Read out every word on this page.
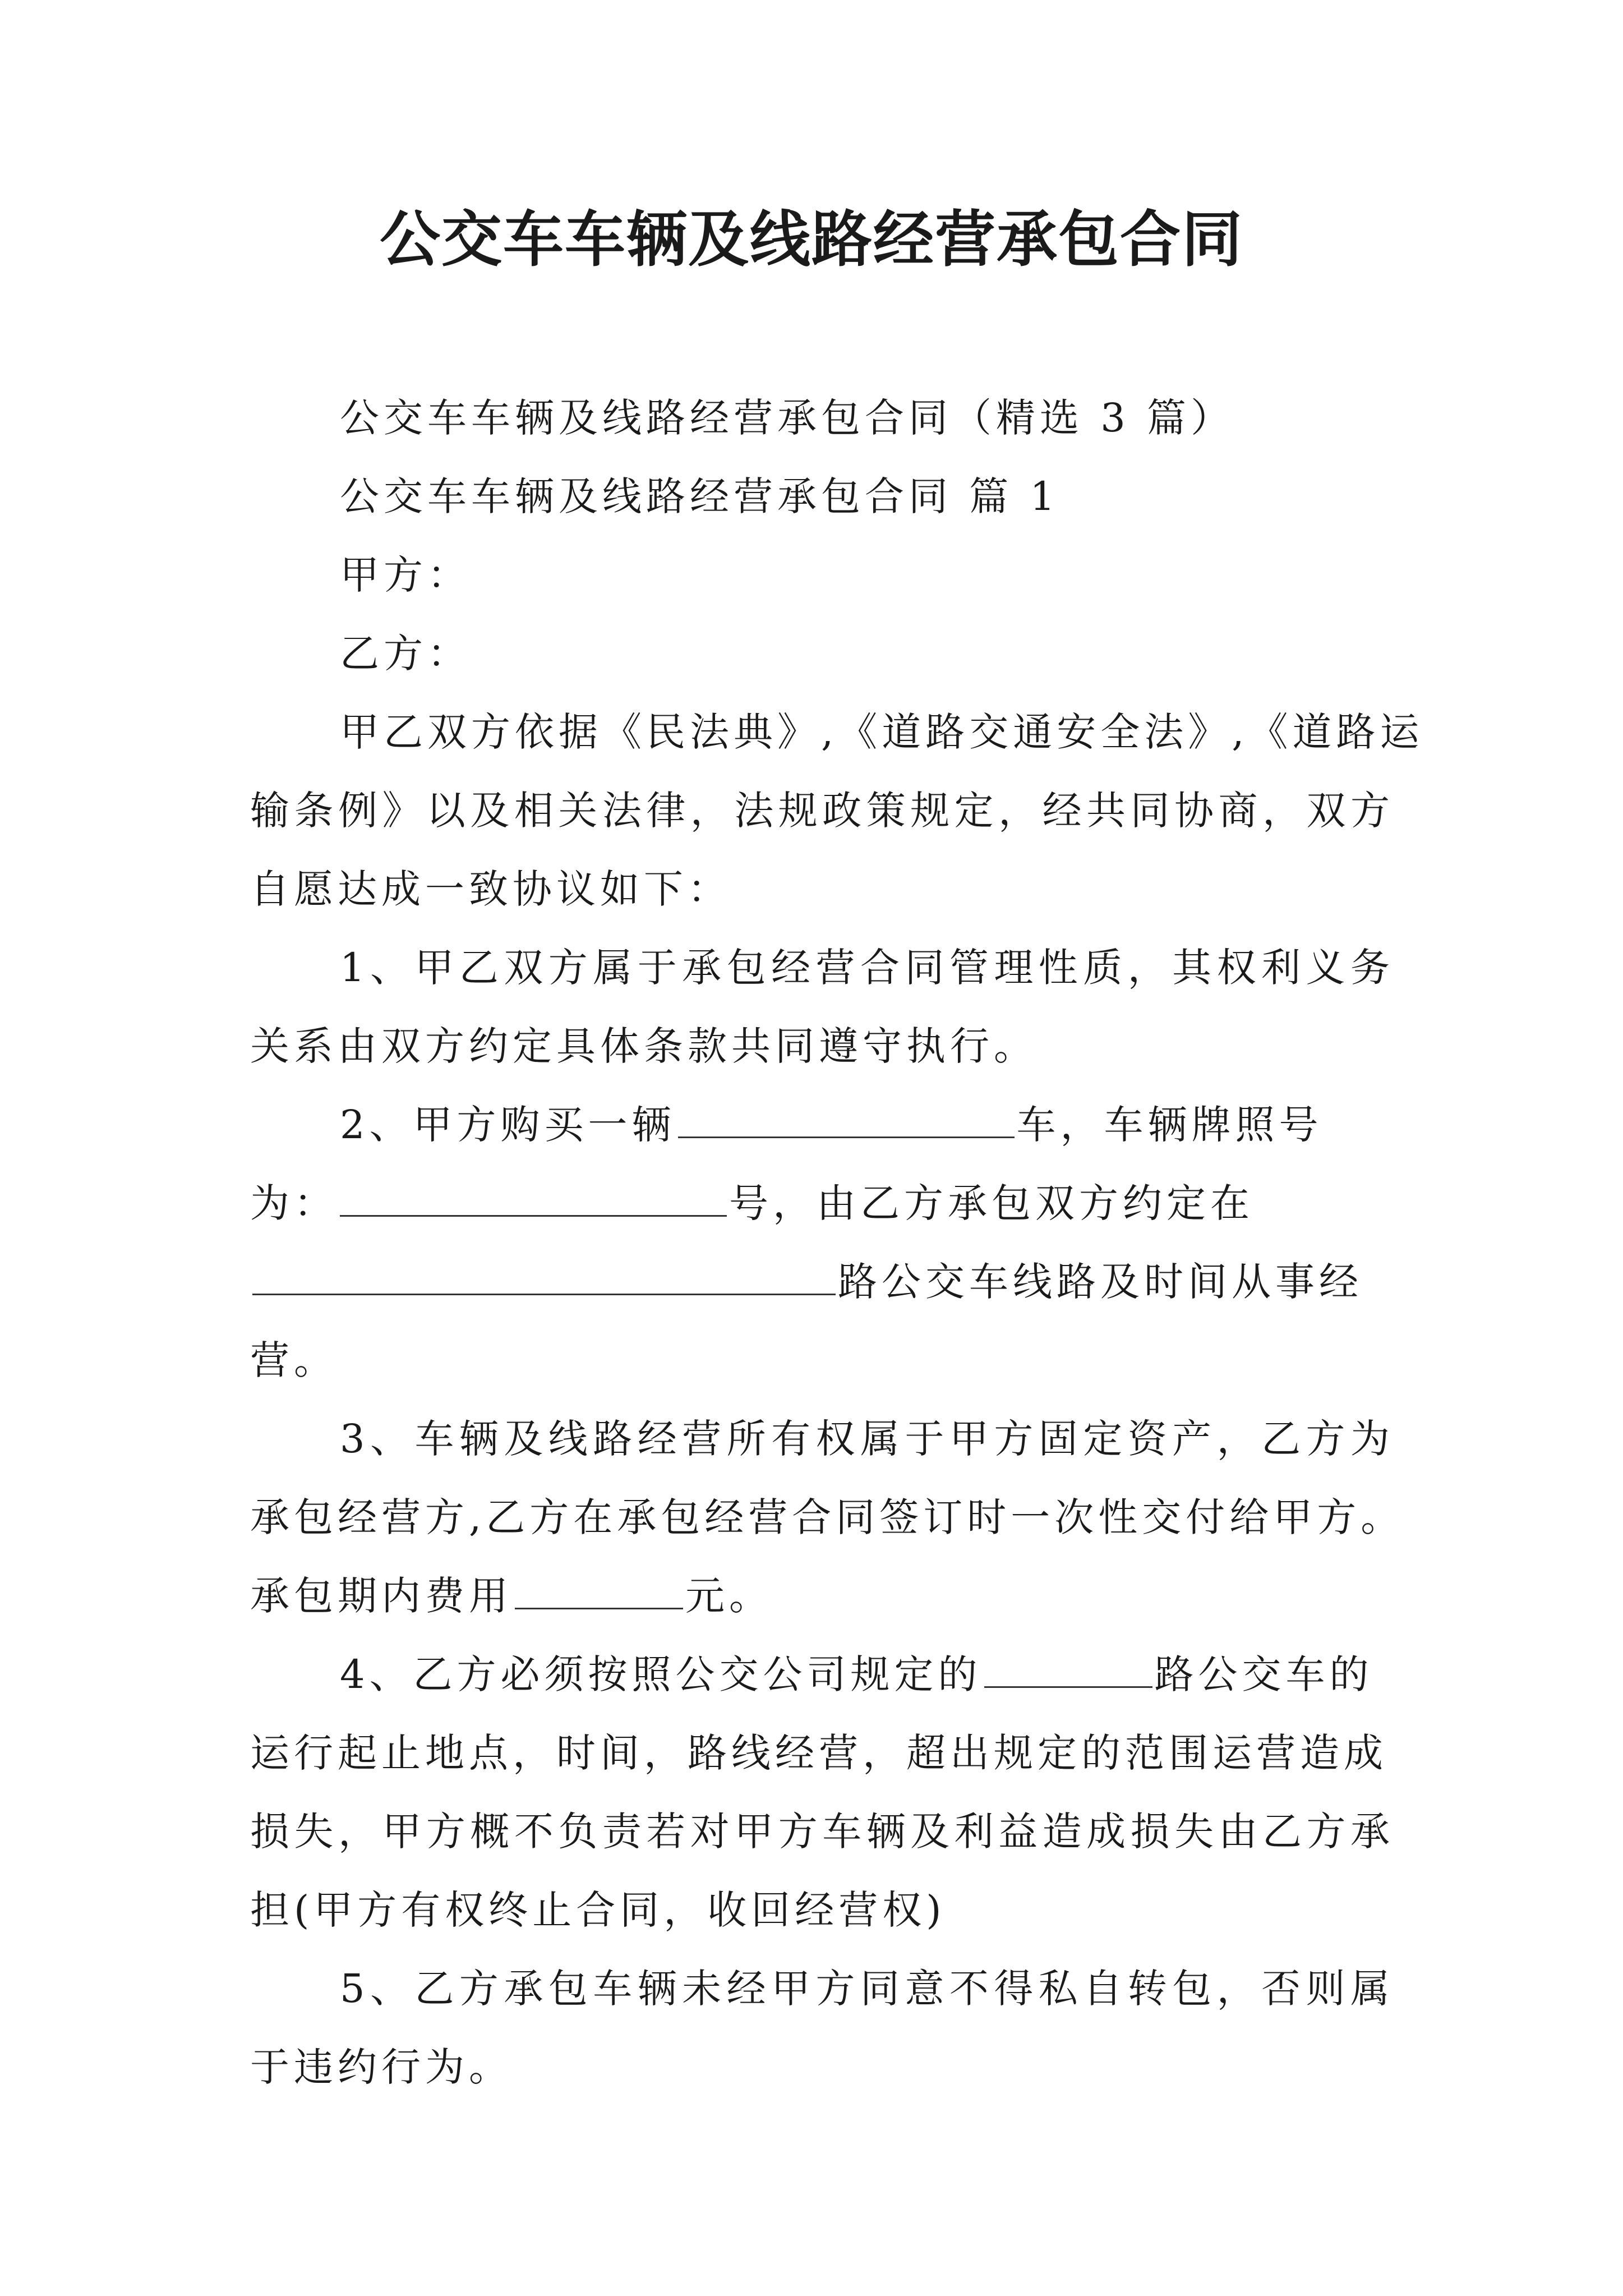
公交车车辆及线路经营承包合同
公交车车辆及线路经营承包合同（精选 3 篇）
公交车车辆及线路经营承包合同 篇 1
甲方：
乙方：
甲乙双方依据《民法典》,《道路交通安全法》,《道路运
输条例》以及相关法律，法规政策规定，经共同协商，双方
自愿达成一致协议如下：
1、甲乙双方属于承包经营合同管理性质，其权利义务
关系由双方约定具体条款共同遵守执行。
2、甲方购买一辆	车，车辆牌照号
为：	号，由乙方承包双方约定在
路公交车线路及时间从事经
营。
3、车辆及线路经营所有权属于甲方固定资产，乙方为
承包经营方,乙方在承包经营合同签订时一次性交付给甲方。
承包期内费用	元。
4、乙方必须按照公交公司规定的	路公交车的
运行起止地点，时间，路线经营，超出规定的范围运营造成
损失，甲方概不负责若对甲方车辆及利益造成损失由乙方承
担(甲方有权终止合同，收回经营权)
5、乙方承包车辆未经甲方同意不得私自转包，否则属
于违约行为。
